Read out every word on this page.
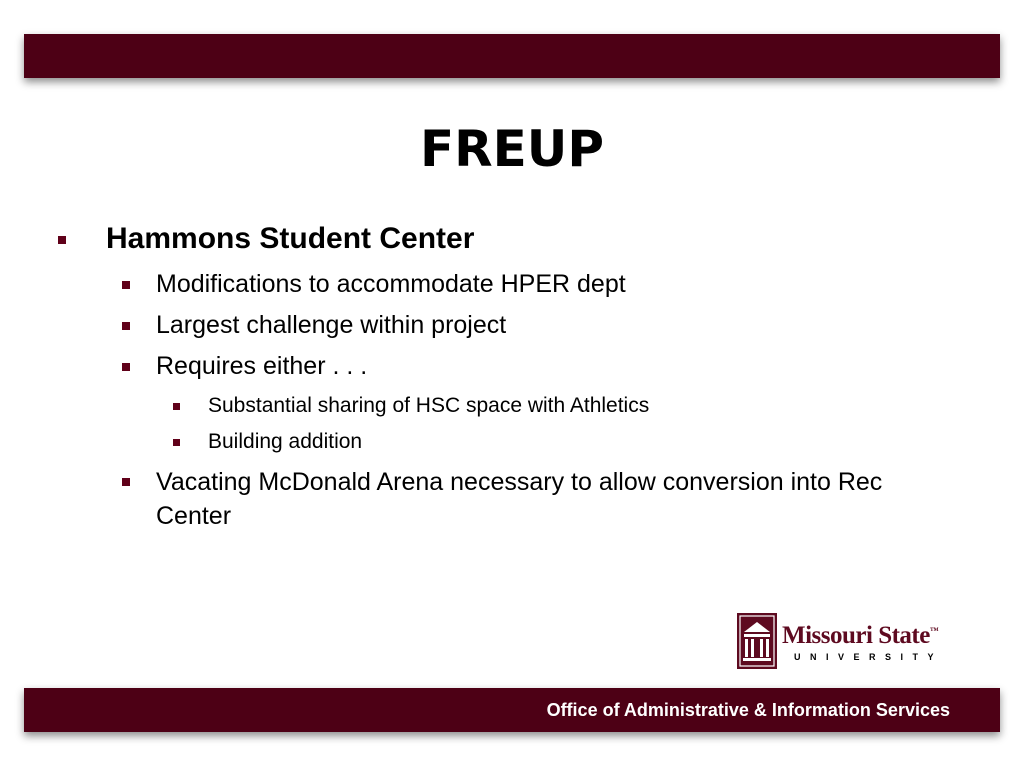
FREUP
Hammons Student Center
Modifications to accommodate HPER dept
Largest challenge within project
Requires either . . .
Substantial sharing of HSC space with Athletics
Building addition
Vacating McDonald Arena necessary to allow conversion into Rec Center
Missouri State™
UNIVERSITY
Office of Administrative & Information Services
